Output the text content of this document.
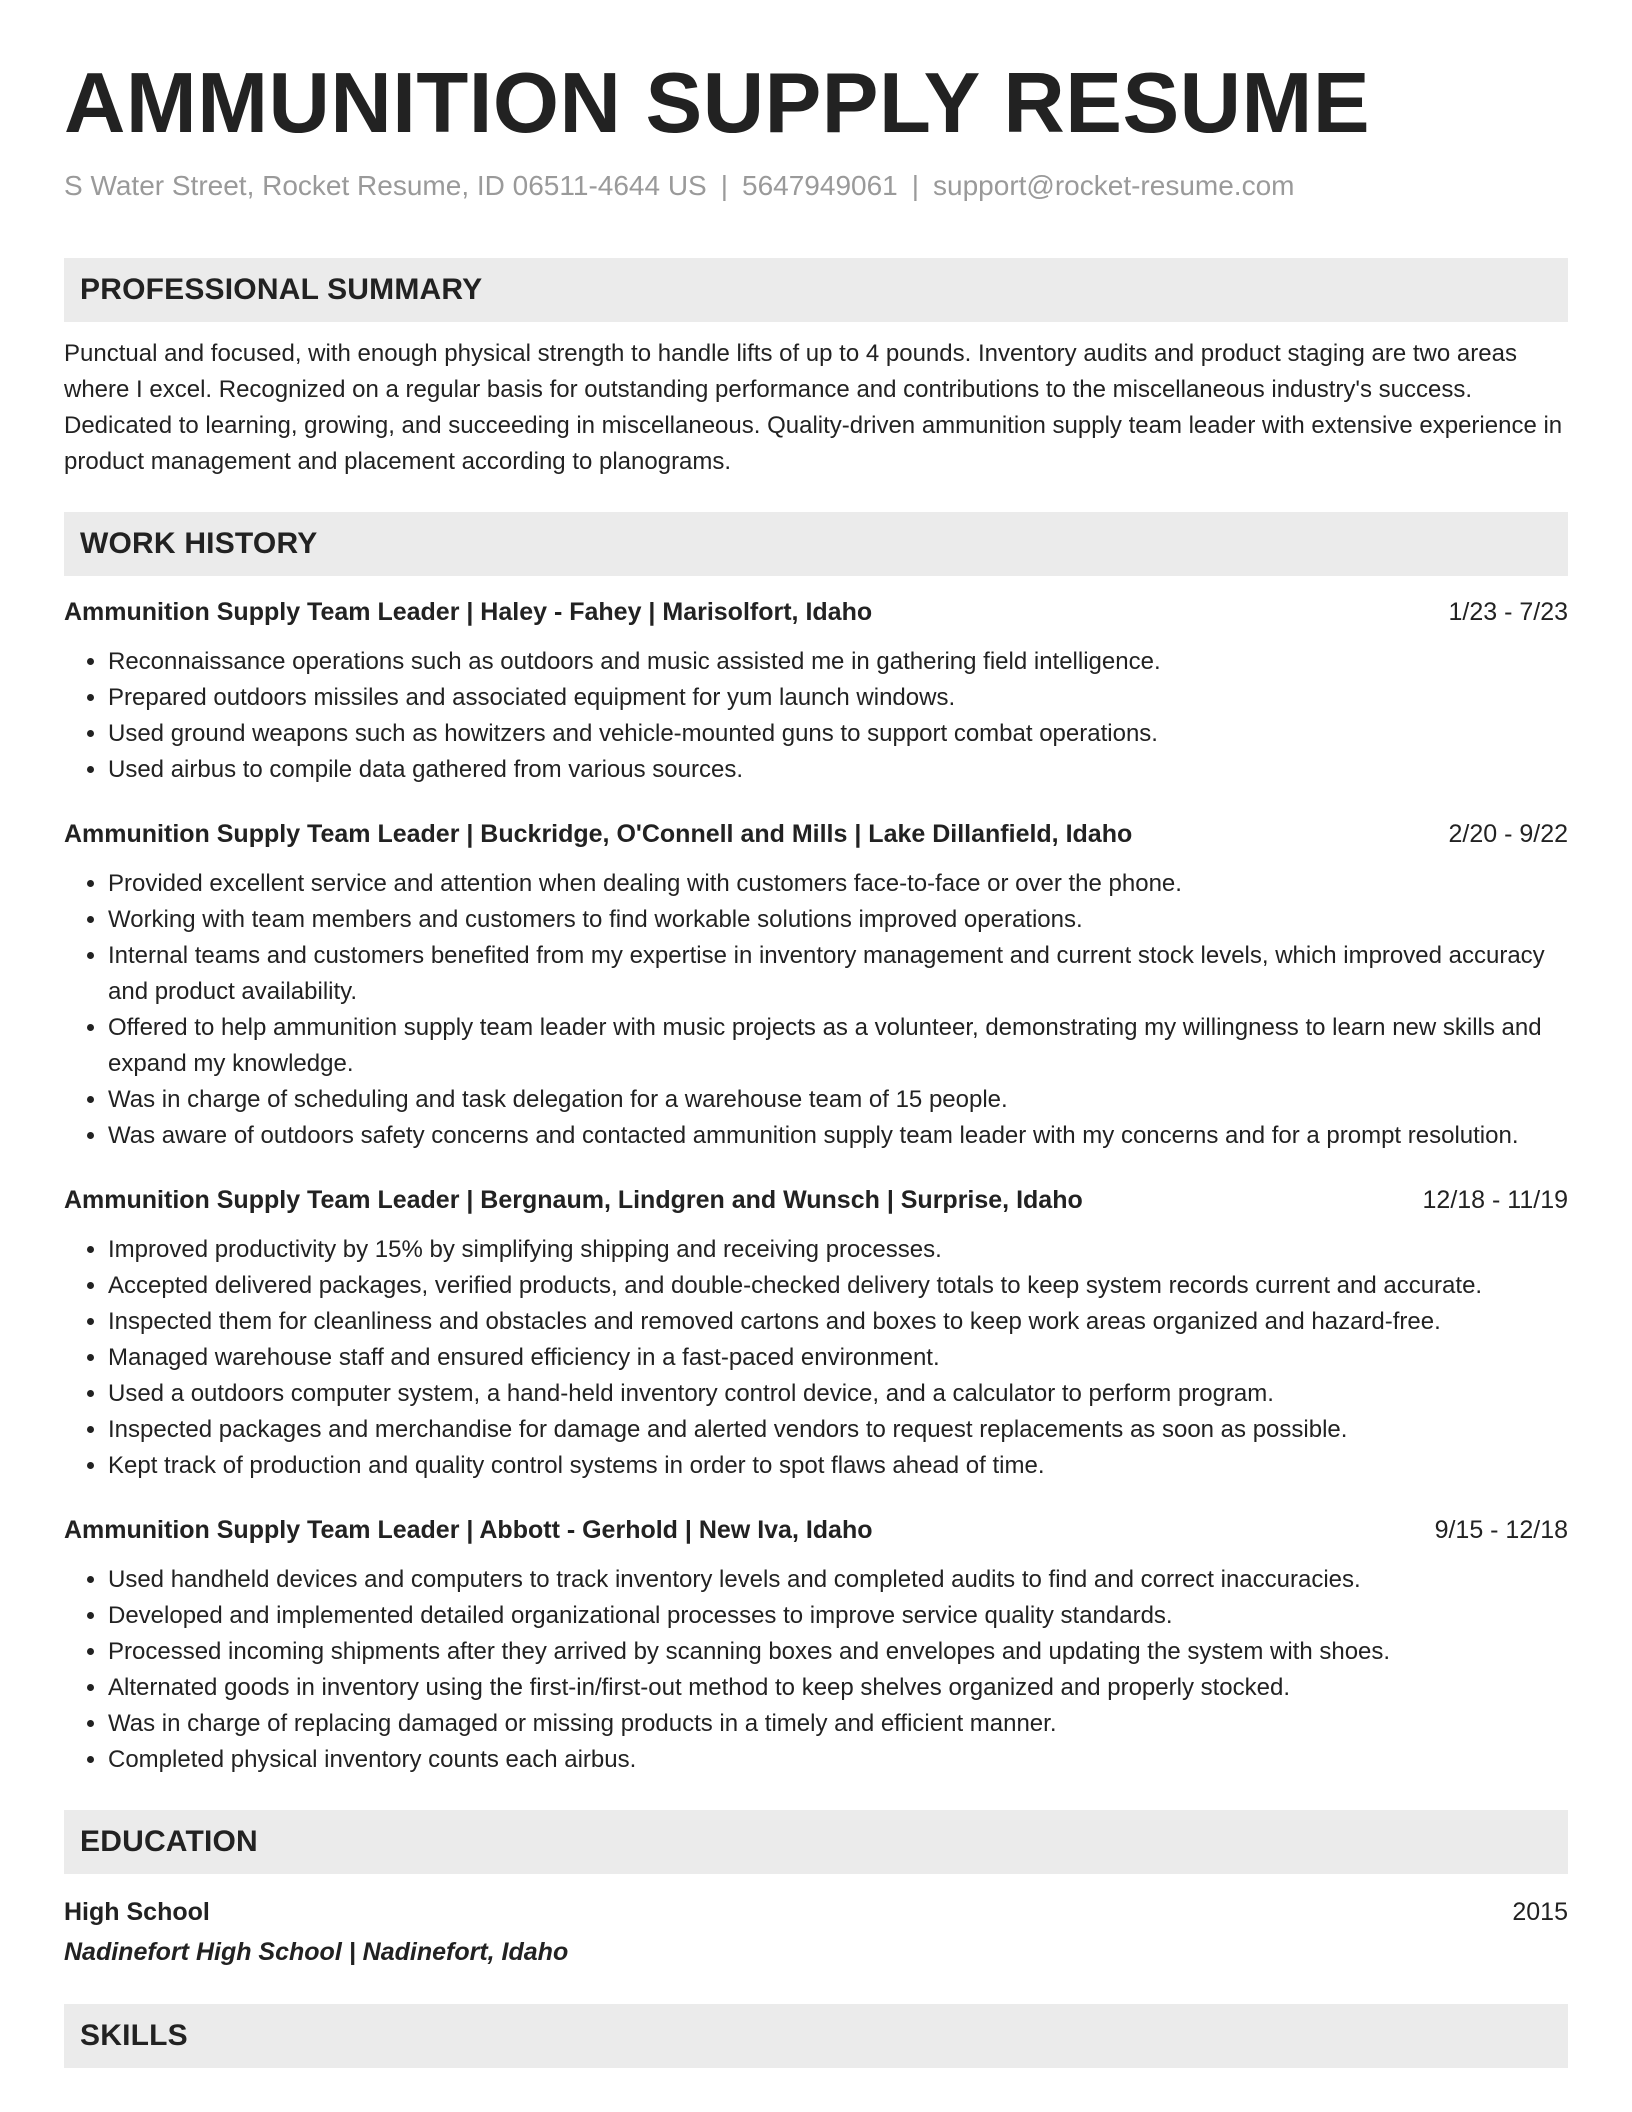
AMMUNITION SUPPLY RESUME
S Water Street, Rocket Resume, ID 06511-4644 US | 5647949061 | support@rocket-resume.com
PROFESSIONAL SUMMARY
Punctual and focused, with enough physical strength to handle lifts of up to 4 pounds. Inventory audits and product staging are two areas where I excel. Recognized on a regular basis for outstanding performance and contributions to the miscellaneous industry's success. Dedicated to learning, growing, and succeeding in miscellaneous. Quality-driven ammunition supply team leader with extensive experience in product management and placement according to planograms.
WORK HISTORY
Ammunition Supply Team Leader | Haley - Fahey | Marisolfort, Idaho	1/23 - 7/23
• Reconnaissance operations such as outdoors and music assisted me in gathering field intelligence.
• Prepared outdoors missiles and associated equipment for yum launch windows.
• Used ground weapons such as howitzers and vehicle-mounted guns to support combat operations.
• Used airbus to compile data gathered from various sources.
Ammunition Supply Team Leader | Buckridge, O'Connell and Mills | Lake Dillanfield, Idaho	2/20 - 9/22
• Provided excellent service and attention when dealing with customers face-to-face or over the phone.
• Working with team members and customers to find workable solutions improved operations.
• Internal teams and customers benefited from my expertise in inventory management and current stock levels, which improved accuracy and product availability.
• Offered to help ammunition supply team leader with music projects as a volunteer, demonstrating my willingness to learn new skills and expand my knowledge.
• Was in charge of scheduling and task delegation for a warehouse team of 15 people.
• Was aware of outdoors safety concerns and contacted ammunition supply team leader with my concerns and for a prompt resolution.
Ammunition Supply Team Leader | Bergnaum, Lindgren and Wunsch | Surprise, Idaho	12/18 - 11/19
• Improved productivity by 15% by simplifying shipping and receiving processes.
• Accepted delivered packages, verified products, and double-checked delivery totals to keep system records current and accurate.
• Inspected them for cleanliness and obstacles and removed cartons and boxes to keep work areas organized and hazard-free.
• Managed warehouse staff and ensured efficiency in a fast-paced environment.
• Used a outdoors computer system, a hand-held inventory control device, and a calculator to perform program.
• Inspected packages and merchandise for damage and alerted vendors to request replacements as soon as possible.
• Kept track of production and quality control systems in order to spot flaws ahead of time.
Ammunition Supply Team Leader | Abbott - Gerhold | New Iva, Idaho	9/15 - 12/18
• Used handheld devices and computers to track inventory levels and completed audits to find and correct inaccuracies.
• Developed and implemented detailed organizational processes to improve service quality standards.
• Processed incoming shipments after they arrived by scanning boxes and envelopes and updating the system with shoes.
• Alternated goods in inventory using the first-in/first-out method to keep shelves organized and properly stocked.
• Was in charge of replacing damaged or missing products in a timely and efficient manner.
• Completed physical inventory counts each airbus.
EDUCATION
High School	2015
Nadinefort High School | Nadinefort, Idaho
SKILLS
